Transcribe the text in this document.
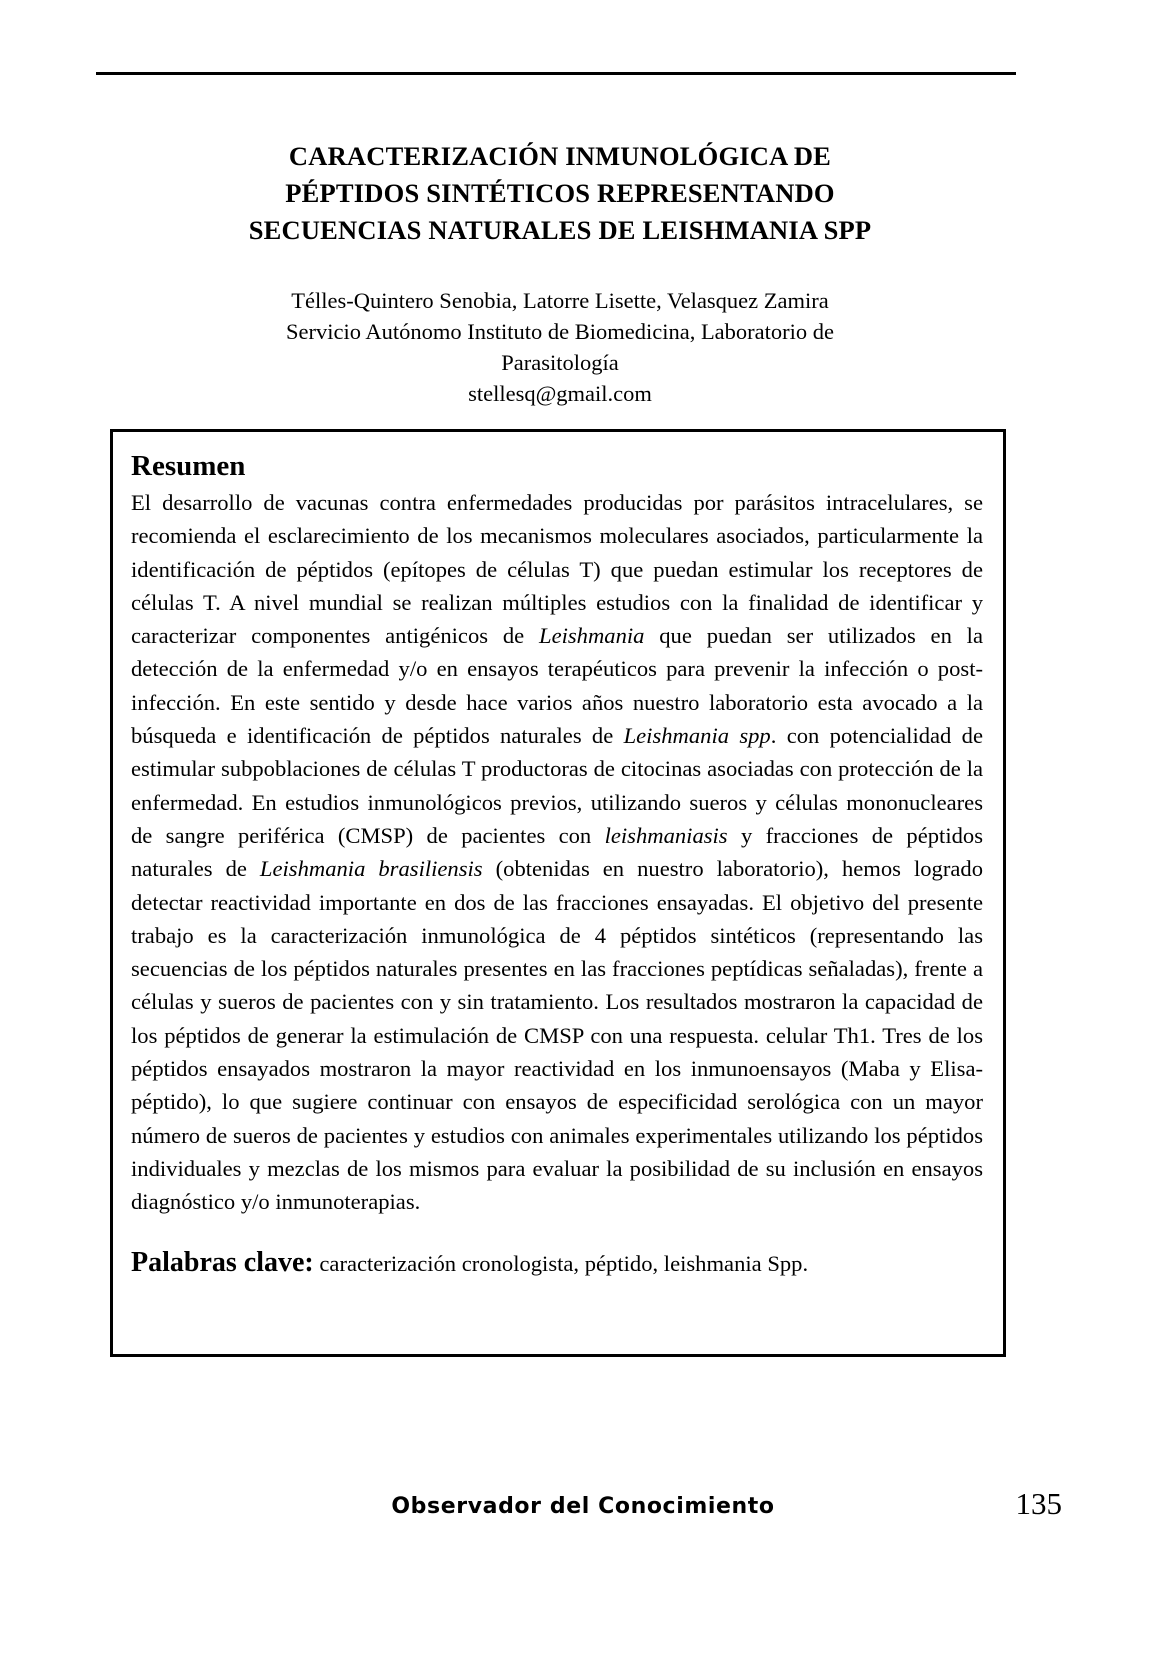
CARACTERIZACIÓN INMUNOLÓGICA DE
PÉPTIDOS SINTÉTICOS REPRESENTANDO
SECUENCIAS NATURALES DE LEISHMANIA SPP
Télles-Quintero Senobia, Latorre Lisette, Velasquez Zamira
Servicio Autónomo Instituto de Biomedicina, Laboratorio de
Parasitología
stellesq@gmail.com
Resumen

El desarrollo de vacunas contra enfermedades producidas por parásitos intracelulares, se recomienda el esclarecimiento de los mecanismos moleculares asociados, particularmente la identificación de péptidos (epítopes de células T) que puedan estimular los receptores de células T. A nivel mundial se realizan múltiples estudios con la finalidad de identificar y caracterizar componentes antigénicos de Leishmania que puedan ser utilizados en la detección de la enfermedad y/o en ensayos terapéuticos para prevenir la infección o post-infección. En este sentido y desde hace varios años nuestro laboratorio esta avocado a la búsqueda e identificación de péptidos naturales de Leishmania spp. con potencialidad de estimular subpoblaciones de células T productoras de citocinas asociadas con protección de la enfermedad. En estudios inmunológicos previos, utilizando sueros y células mononucleares de sangre periférica (CMSP) de pacientes con leishmaniasis y fracciones de péptidos naturales de Leishmania brasiliensis (obtenidas en nuestro laboratorio), hemos logrado detectar reactividad importante en dos de las fracciones ensayadas. El objetivo del presente trabajo es la caracterización inmunológica de 4 péptidos sintéticos (representando las secuencias de los péptidos naturales presentes en las fracciones peptídicas señaladas), frente a células y sueros de pacientes con y sin tratamiento. Los resultados mostraron la capacidad de los péptidos de generar la estimulación de CMSP con una respuesta. celular Th1. Tres de los péptidos ensayados mostraron la mayor reactividad en los inmunoensayos (Maba y Elisa-péptido), lo que sugiere continuar con ensayos de especificidad serológica con un mayor número de sueros de pacientes y estudios con animales experimentales utilizando los péptidos individuales y mezclas de los mismos para evaluar la posibilidad de su inclusión en ensayos diagnóstico y/o inmunoterapias.

Palabras clave: caracterización cronologista, péptido, leishmania Spp.

Observador del Conocimiento	135
